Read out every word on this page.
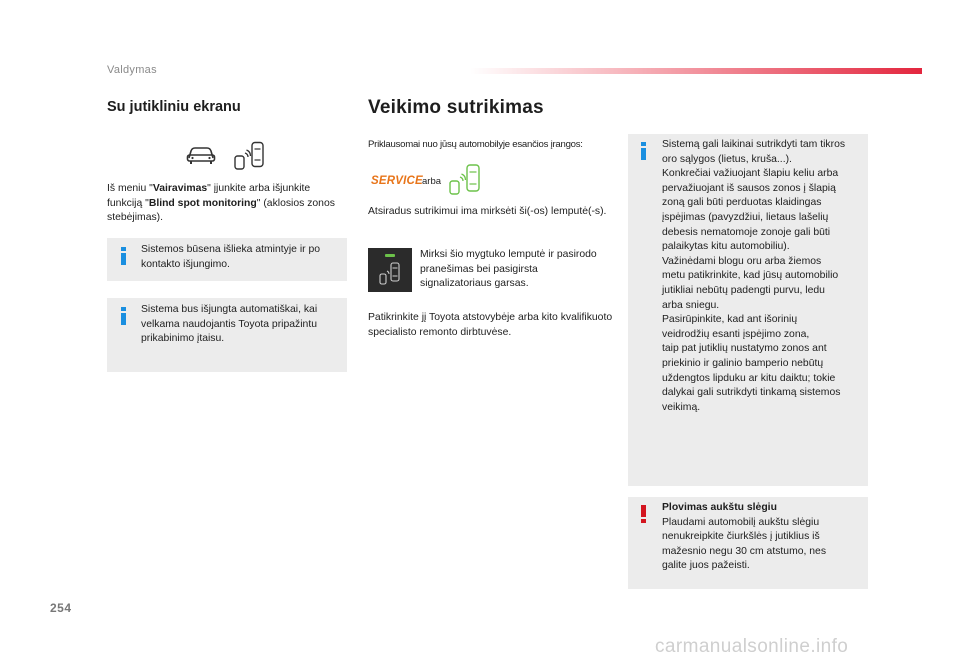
Valdymas
Su jutikliniu ekranu
Iš meniu "Vairavimas" įjunkite arba išjunkite funkciją "Blind spot monitoring" (aklosios zonos stebėjimas).
Sistemos būsena išlieka atmintyje ir po kontakto išjungimo.
Sistema bus išjungta automatiškai, kai velkama naudojantis Toyota pripažintu prikabinimo įtaisu.
Veikimo sutrikimas
Priklausomai nuo jūsų automobilyje esančios įrangos:
SERVICE arba
Atsiradus sutrikimui ima mirksėti ši(-os) lemputė(-s).
Mirksi šio mygtuko lemputė ir pasirodo pranešimas bei pasigirsta signalizatoriaus garsas.
Patikrinkite jį Toyota atstovybėje arba kito kvalifikuoto specialisto remonto dirbtuvėse.
Sistemą gali laikinai sutrikdyti tam tikros
oro sąlygos (lietus, kruša...).
Konkrečiai važiuojant šlapiu keliu arba
pervažiuojant iš sausos zonos į šlapią
zoną gali būti perduotas klaidingas
įspėjimas (pavyzdžiui, lietaus lašelių
debesis nematomoje zonoje gali būti
palaikytas kitu automobiliu).
Važinėdami blogu oru arba žiemos
metu patikrinkite, kad jūsų automobilio
jutikliai nebūtų padengti purvu, ledu
arba sniegu.
Pasirūpinkite, kad ant išorinių
veidrodžių esanti įspėjimo zona,
taip pat jutiklių nustatymo zonos ant
priekinio ir galinio bamperio nebūtų
uždengtos lipduku ar kitu daiktu; tokie
dalykai gali sutrikdyti tinkamą sistemos
veikimą.
Plovimas aukštu slėgiu
Plaudami automobilį aukštu slėgiu
nenukreipkite čiurkšlės į jutiklius iš
mažesnio negu 30 cm atstumo, nes
galite juos pažeisti.
254
carmanualsonline.info
